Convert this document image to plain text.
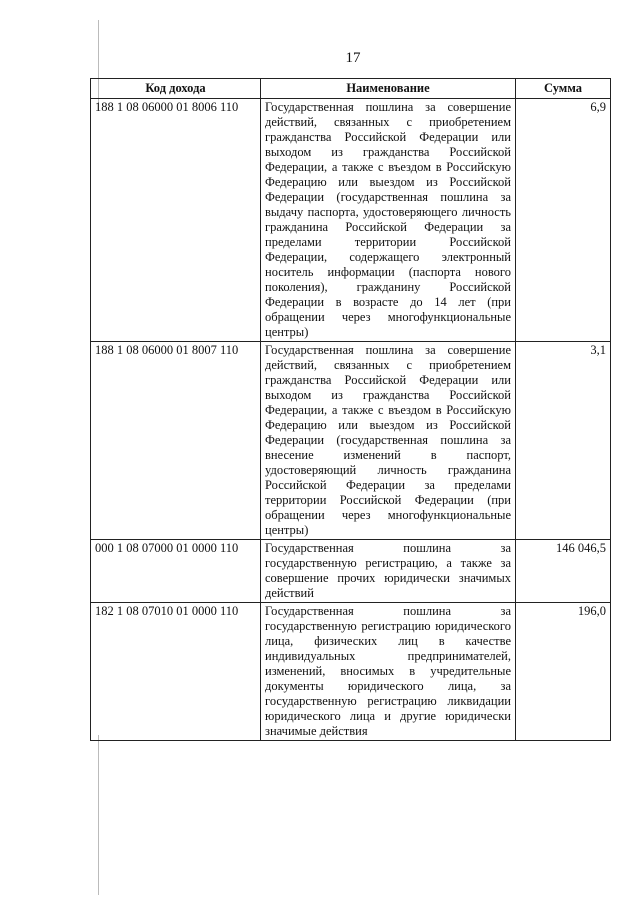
17
Код дохода	Наименование	Сумма
188 1 08 06000 01 8006 110	Государственная пошлина за совершение действий, связанных с приобретением гражданства Российской Федерации или выходом из гражданства Российской Федерации, а также с въездом в Российскую Федерацию или выездом из Российской Федерации (государственная пошлина за выдачу паспорта, удостоверяющего личность гражданина Российской Федерации за пределами территории Российской Федерации, содержащего электронный носитель информации (паспорта нового поколения), гражданину Российской Федерации в возрасте до 14 лет (при обращении через многофункциональные центры)	6,9
188 1 08 06000 01 8007 110	Государственная пошлина за совершение действий, связанных с приобретением гражданства Российской Федерации или выходом из гражданства Российской Федерации, а также с въездом в Российскую Федерацию или выездом из Российской Федерации (государственная пошлина за внесение изменений в паспорт, удостоверяющий личность гражданина Российской Федерации за пределами территории Российской Федерации (при обращении через многофункциональные центры)	3,1
000 1 08 07000 01 0000 110	Государственная пошлина за государственную регистрацию, а также за совершение прочих юридически значимых действий	146 046,5
182 1 08 07010 01 0000 110	Государственная пошлина за государственную регистрацию юридического лица, физических лиц в качестве индивидуальных предпринимателей, изменений, вносимых в учредительные документы юридического лица, за государственную регистрацию ликвидации юридического лица и другие юридически значимые действия	196,0
